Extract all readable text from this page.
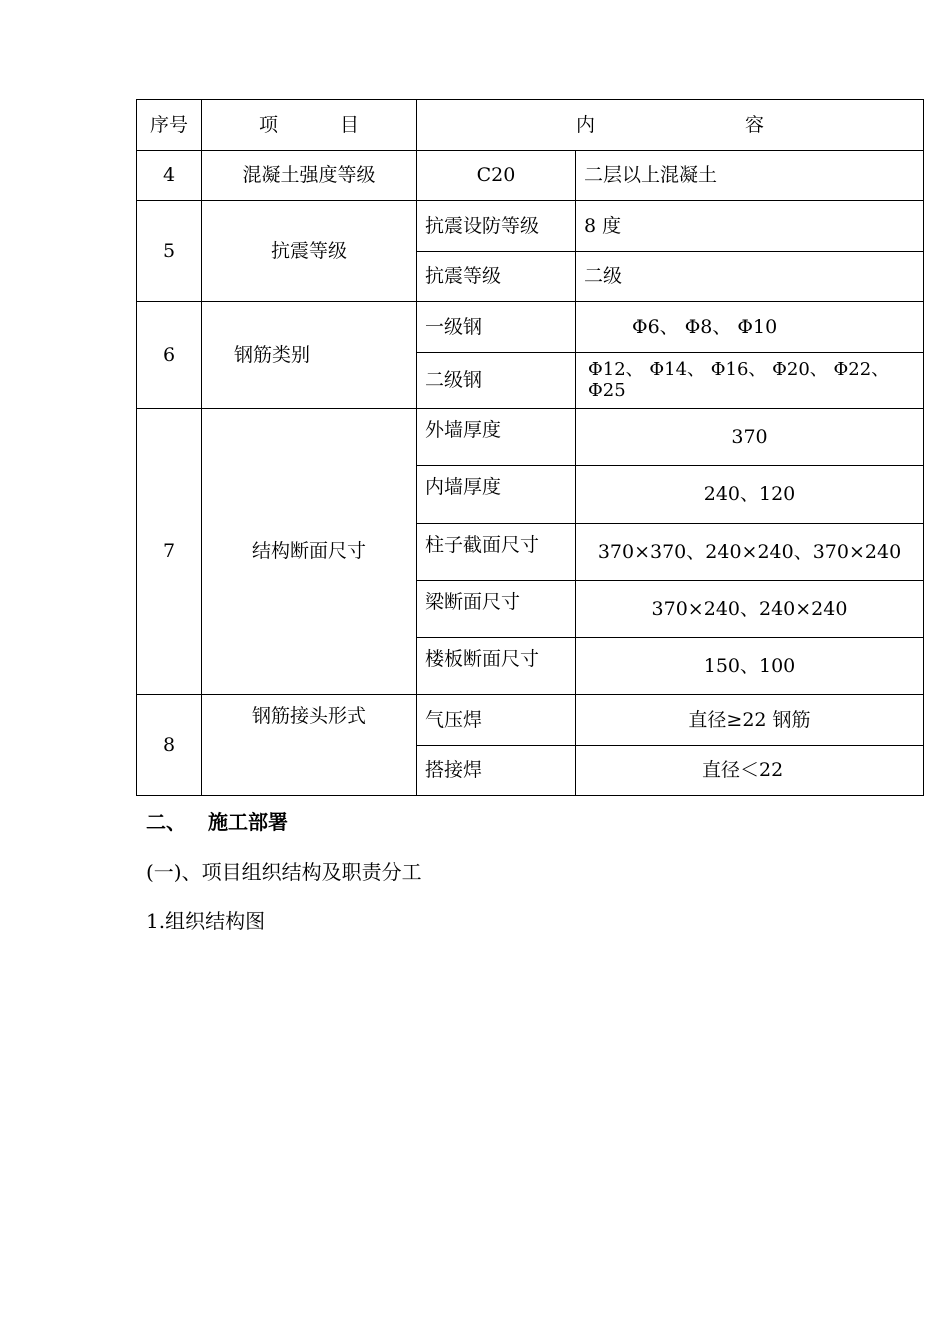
序号	项 目	内 容	
4	混凝土强度等级	C20	二层以上混凝土
5	抗震等级	抗震设防等级	8 度
		抗震等级	二级
6	钢筋类别	一级钢	Φ6、 Φ8、 Φ10
		二级钢	Φ12、 Φ14、 Φ16、 Φ20、 Φ22、
Φ25

7	结构断面尺寸	外墙厚度	370
		内墙厚度	240、120
		柱子截面尺寸	370×370、240×240、370×240
		梁断面尺寸	370×240、240×240
		楼板断面尺寸	150、100
8	钢筋接头形式	气压焊	直径≥22 钢筋
		搭接焊	直径＜22
二、 施工部署
(一)、项目组织结构及职责分工
1.组织结构图
